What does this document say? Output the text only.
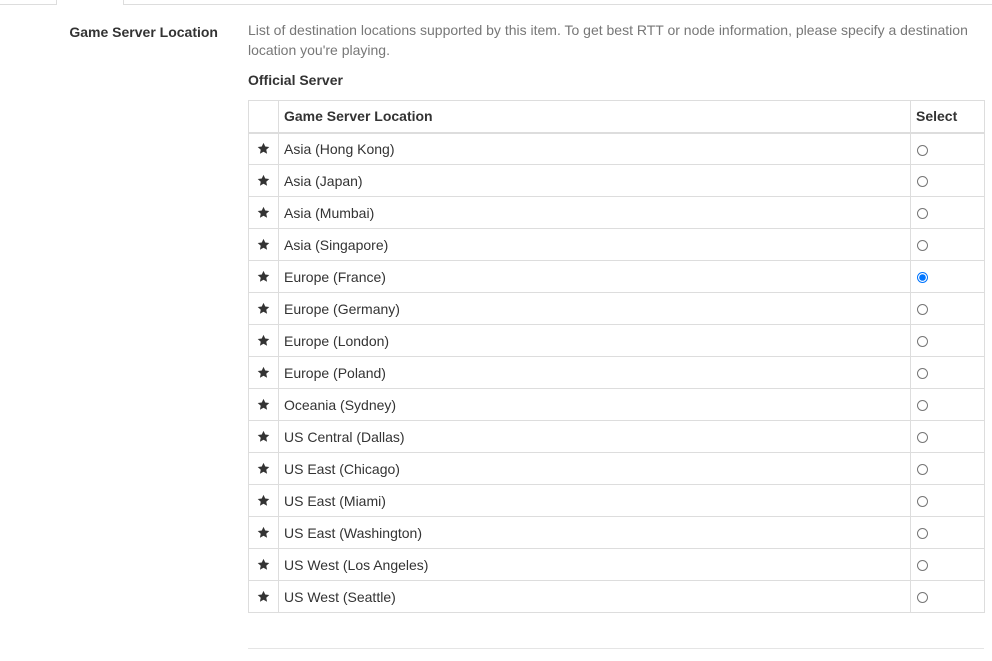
Game Server Location List of destination locations supported by this item. To get best RTT or node information, please specify a destination location you're playing.

Official Server
	Game Server Location	Select
	Asia (Hong Kong)	
	Asia (Japan)	
	Asia (Mumbai)	
	Asia (Singapore)	
	Europe (France)	
	Europe (Germany)	
	Europe (London)	
	Europe (Poland)	
	Oceania (Sydney)	
	US Central (Dallas)	
	US East (Chicago)	
	US East (Miami)	
	US East (Washington)	
	US West (Los Angeles)	
	US West (Seattle)	
